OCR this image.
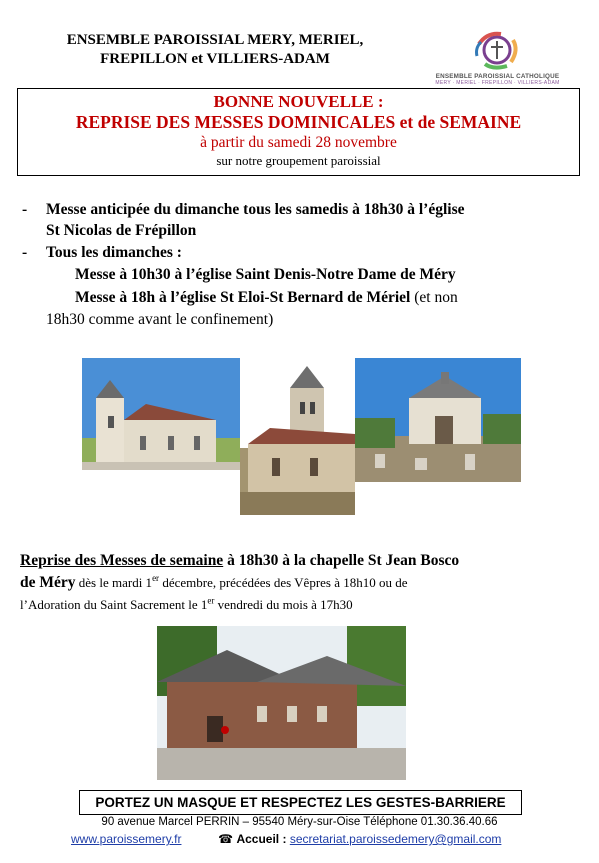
ENSEMBLE PAROISSIAL MERY, MERIEL,
FREPILLON et VILLIERS-ADAM
ENSEMBLE PAROISSIAL CATHOLIQUE
MERY · MERIEL · FREPILLON · VILLIERS-ADAM
BONNE NOUVELLE :
REPRISE DES MESSES DOMINICALES et de SEMAINE
à partir du samedi 28 novembre
sur notre groupement paroissial
- Messe anticipée du dimanche tous les samedis à 18h30 à l’église
St Nicolas de Frépillon
- Tous les dimanches :
Messe à 10h30 à l’église Saint Denis-Notre Dame de Méry
Messe à 18h à l’église St Eloi-St Bernard de Mériel (et non
18h30 comme avant le confinement)
Reprise des Messes de semaine à 18h30 à la chapelle St Jean Bosco
de Méry dès le mardi 1er décembre, précédées des Vêpres à 18h10 ou de
l’Adoration du Saint Sacrement le 1er vendredi du mois à 17h30
PORTEZ UN MASQUE ET RESPECTEZ LES GESTES-BARRIERE
90 avenue Marcel PERRIN – 95540 Méry-sur-Oise Téléphone 01.30.36.40.66
www.paroissemery.fr	☎ Accueil : secretariat.paroissedemery@gmail.com
